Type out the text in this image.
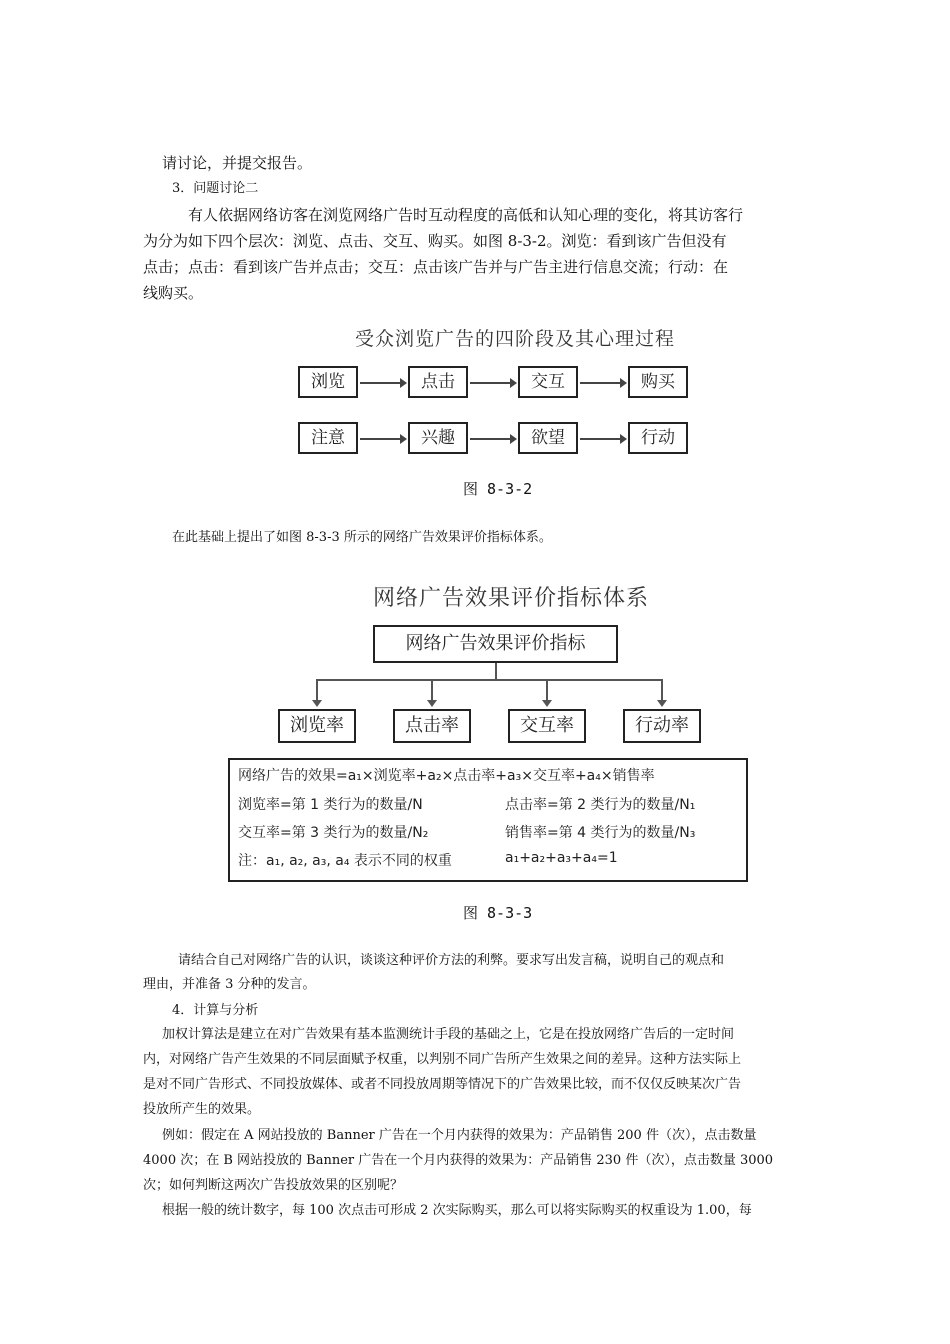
请讨论，并提交报告。

3．问题讨论二

有人依据网络访客在浏览网络广告时互动程度的高低和认知心理的变化，将其访客行

为分为如下四个层次：浏览、点击、交互、购买。如图 8-3-2。浏览：看到该广告但没有

点击；点击：看到该广告并点击；交互：点击该广告并与广告主进行信息交流；行动：在

线购买。

受众浏览广告的四阶段及其心理过程
浏览	点击	交互	购买
注意	兴趣	欲望	行动
图 8-3-2

在此基础上提出了如图 8-3-3 所示的网络广告效果评价指标体系。

网络广告效果评价指标体系
网络广告效果评价指标
浏览率	点击率	交互率	行动率
网络广告的效果=a₁×浏览率+a₂×点击率+a₃×交互率+a₄×销售率
浏览率=第 1 类行为的数量/N	点击率=第 2 类行为的数量/N₁
交互率=第 3 类行为的数量/N₂	销售率=第 4 类行为的数量/N₃
注：a₁, a₂, a₃, a₄ 表示不同的权重	a₁+a₂+a₃+a₄=1
图 8-3-3

请结合自己对网络广告的认识，谈谈这种评价方法的利弊。要求写出发言稿，说明自己的观点和

理由，并准备 3 分种的发言。

4．计算与分析

加权计算法是建立在对广告效果有基本监测统计手段的基础之上，它是在投放网络广告后的一定时间

内，对网络广告产生效果的不同层面赋予权重，以判别不同广告所产生效果之间的差异。这种方法实际上

是对不同广告形式、不同投放媒体、或者不同投放周期等情况下的广告效果比较，而不仅仅反映某次广告

投放所产生的效果。

例如：假定在 A 网站投放的 Banner 广告在一个月内获得的效果为：产品销售 200 件（次），点击数量

4000 次；在 B 网站投放的 Banner 广告在一个月内获得的效果为：产品销售 230 件（次），点击数量 3000

次；如何判断这两次广告投放效果的区别呢？

根据一般的统计数字，每 100 次点击可形成 2 次实际购买，那么可以将实际购买的权重设为 1.00，每
